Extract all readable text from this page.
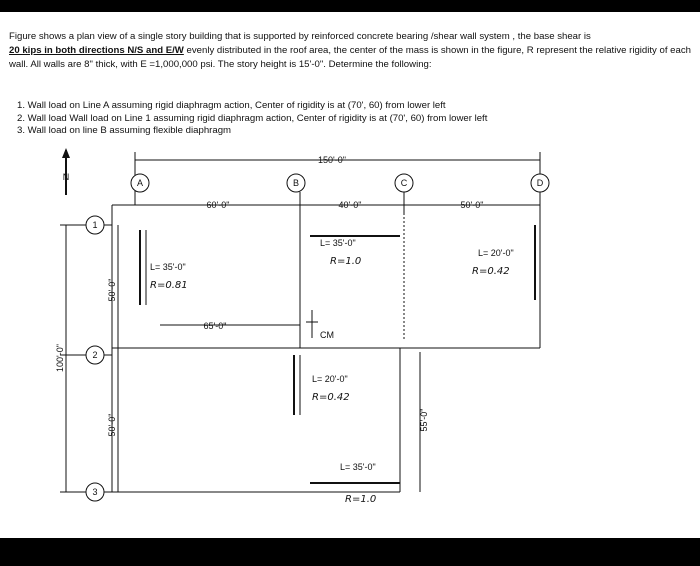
Figure shows a plan view of a single story building that is supported by reinforced concrete bearing /shear wall system , the base shear is
20 kips in both directions N/S and E/W evenly distributed in the roof area, the center of the mass is shown in the figure, R represent the relative rigidity of each wall. All walls are 8" thick, with E =1,000,000 psi. The story height is 15'-0". Determine the following:

1. Wall load on Line A assuming rigid diaphragm action, Center of rigidity is at (70', 60) from lower left
2. Wall load Wall load on Line 1 assuming rigid diaphragm action, Center of rigidity is at (70', 60) from lower left
3. Wall load on line B assuming flexible diaphragm
N
A	B	C	D
1
2
3
150'-0"
60'-0"	40'-0"	50'-0"
65'-0"
100'-0"
50'-0"
50'-0"	55'-0"
CM
L= 35'-0"
R=0.81
L= 35'-0"
R=1.0
L= 20'-0"
R=0.42
L= 20'-0"
R=0.42
L= 35'-0"
R=1.0
